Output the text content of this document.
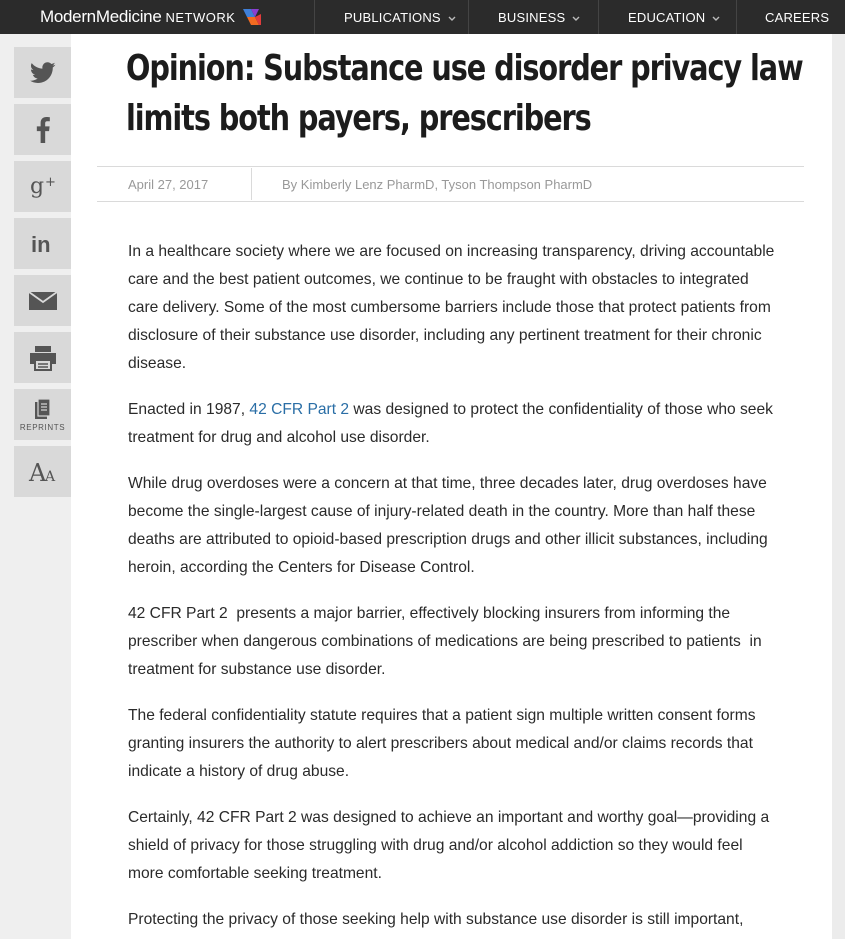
ModernMedicine NETWORK	PUBLICATIONS	BUSINESS	EDUCATION	CAREERS
g +
in
REPRINTS
A
A
Opinion: Substance use disorder privacy law limits both payers, prescribers
April 27, 2017	By Kimberly Lenz PharmD, Tyson Thompson PharmD

In a healthcare society where we are focused on increasing transparency, driving accountable care and the best patient outcomes, we continue to be fraught with obstacles to integrated care delivery. Some of the most cumbersome barriers include those that protect patients from disclosure of their substance use disorder, including any pertinent treatment for their chronic disease.

Enacted in 1987, 42 CFR Part 2 was designed to protect the confidentiality of those who seek treatment for drug and alcohol use disorder.

While drug overdoses were a concern at that time, three decades later, drug overdoses have become the single-largest cause of injury-related death in the country. More than half these deaths are attributed to opioid-based prescription drugs and other illicit substances, including heroin, according the Centers for Disease Control.

42 CFR Part 2  presents a major barrier, effectively blocking insurers from informing the prescriber when dangerous combinations of medications are being prescribed to patients  in treatment for substance use disorder.

The federal confidentiality statute requires that a patient sign multiple written consent forms granting insurers the authority to alert prescribers about medical and/or claims records that indicate a history of drug abuse.

Certainly, 42 CFR Part 2 was designed to achieve an important and worthy goal—providing a shield of privacy for those struggling with drug and/or alcohol addiction so they would feel more comfortable seeking treatment.

Protecting the privacy of those seeking help with substance use disorder is still important,
